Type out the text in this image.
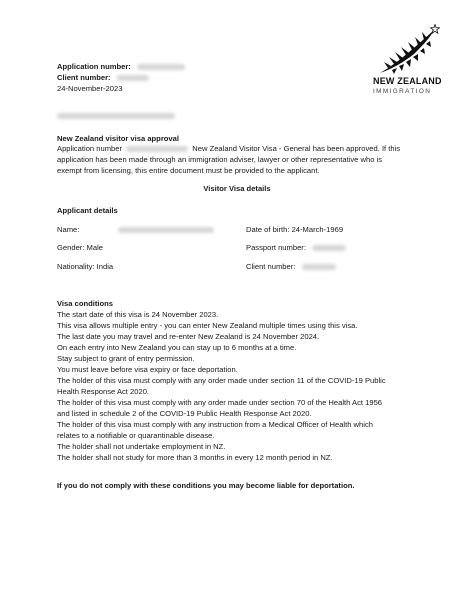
NEW ZEALAND
IMMIGRATION
Application number:
Client number:
24-November-2023
New Zealand visitor visa approval
Application number	New Zealand Visitor Visa - General has been approved. If this
application has been made through an immigration adviser, lawyer or other representative who is
exempt from licensing, this entire document must be provided to the applicant.
Visitor Visa details
Applicant details
Name:	Date of birth: 24-March-1969
Gender: Male	Passport number:
Nationality: India	Client number:
Visa conditions
The start date of this visa is 24 November 2023.
This visa allows multiple entry - you can enter New Zealand multiple times using this visa.
The last date you may travel and re-enter New Zealand is 24 November 2024.
On each entry into New Zealand you can stay up to 6 months at a time.
Stay subject to grant of entry permission.
You must leave before visa expiry or face deportation.
The holder of this visa must comply with any order made under section 11 of the COVID-19 Public
Health Response Act 2020.
The holder of this visa must comply with any order made under section 70 of the Health Act 1956
and listed in schedule 2 of the COVID-19 Public Health Response Act 2020.
The holder of this visa must comply with any instruction from a Medical Officer of Health which
relates to a notifiable or quarantinable disease.
The holder shall not undertake employment in NZ.
The holder shall not study for more than 3 months in every 12 month period in NZ.
If you do not comply with these conditions you may become liable for deportation.
